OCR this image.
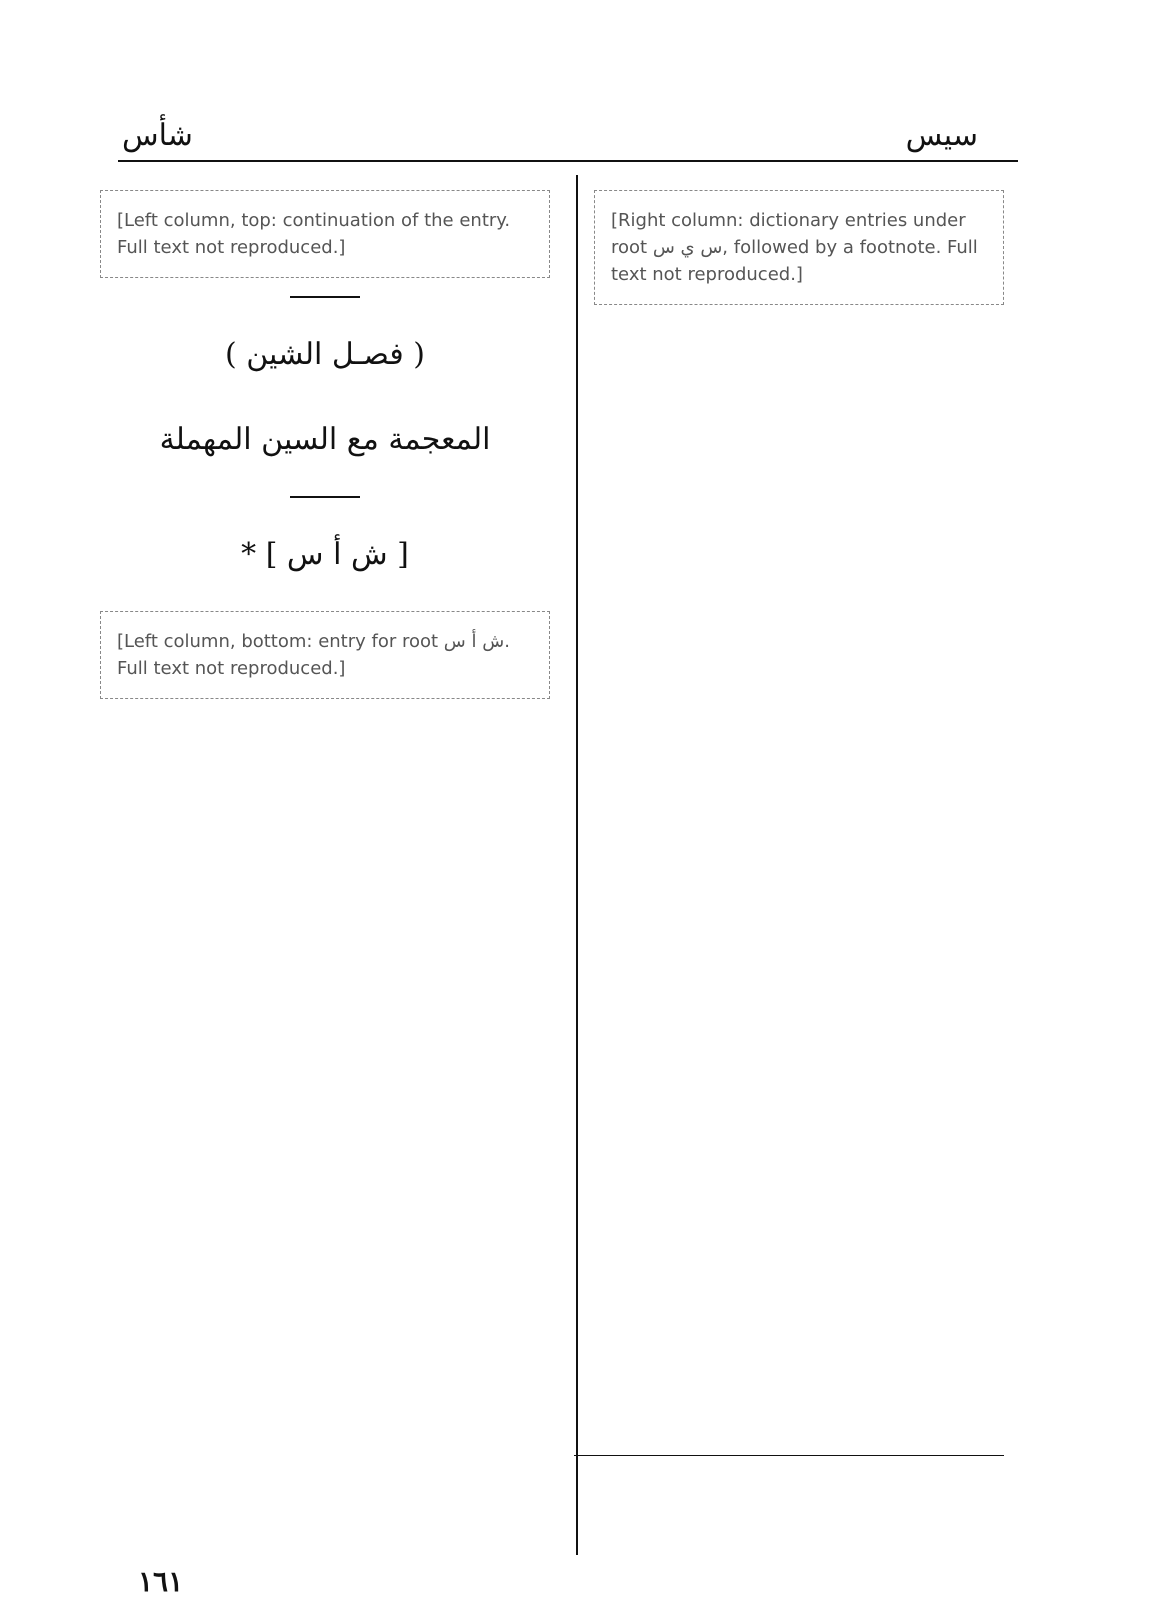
سيس
شأس
[Right column: dictionary entries under root س ي س, followed by a footnote. Full text not reproduced.]
[Left column, top: continuation of the entry. Full text not reproduced.]
( فصـل الشين )
المعجمة مع السين المهملة
[ ش أ س ] *
[Left column, bottom: entry for root ش أ س. Full text not reproduced.]
١٦١
